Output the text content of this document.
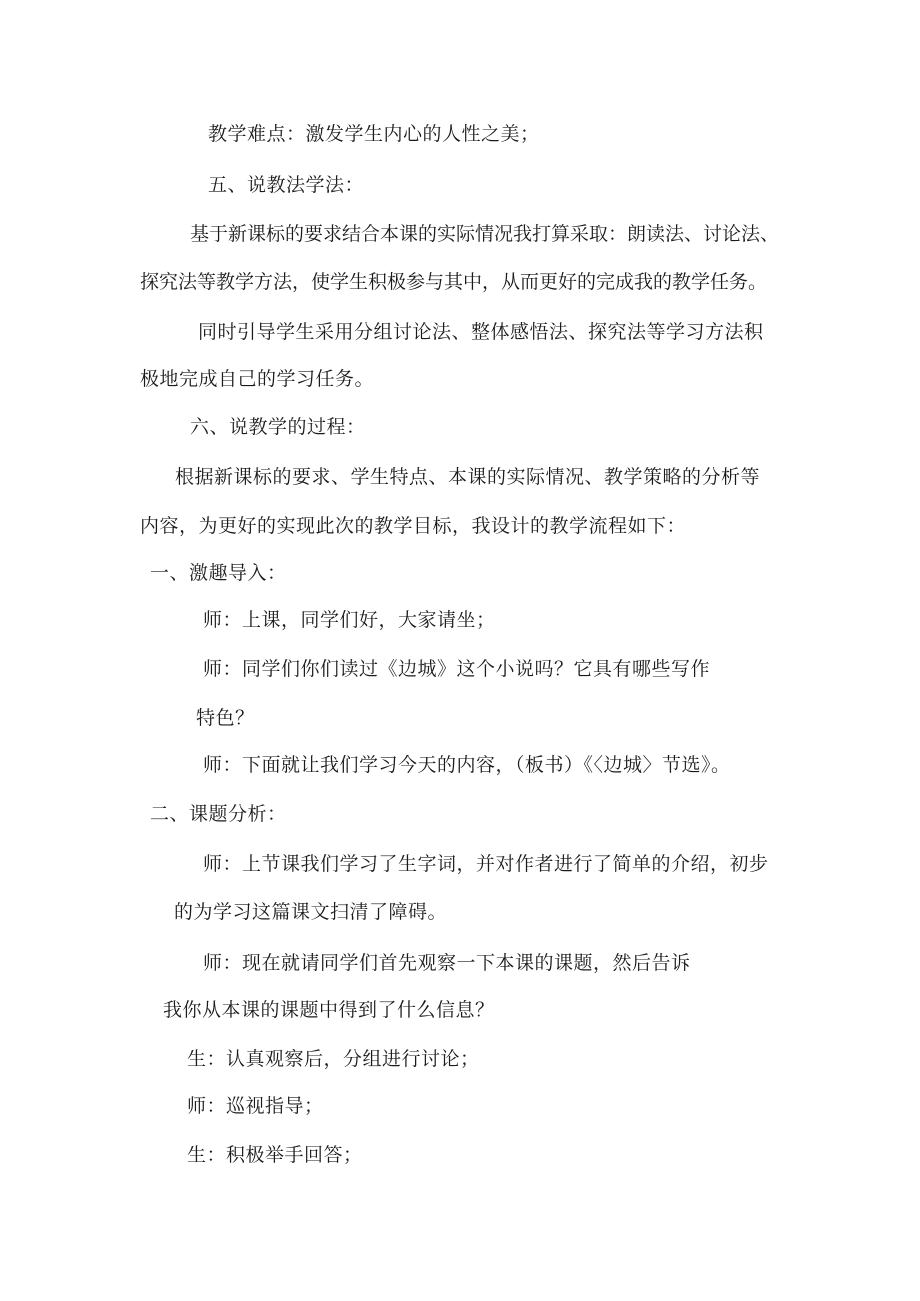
教学难点：激发学生内心的人性之美；
五、说教法学法：
基于新课标的要求结合本课的实际情况我打算采取：朗读法、讨论法、
探究法等教学方法，使学生积极参与其中，从而更好的完成我的教学任务。
同时引导学生采用分组讨论法、整体感悟法、探究法等学习方法积
极地完成自己的学习任务。
六、说教学的过程：
根据新课标的要求、学生特点、本课的实际情况、教学策略的分析等
内容，为更好的实现此次的教学目标，我设计的教学流程如下：
一、激趣导入：
师：上课，同学们好，大家请坐；
师：同学们你们读过《边城》这个小说吗？它具有哪些写作
特色？
师：下面就让我们学习今天的内容，（板书）《〈边城〉节选》。
二、课题分析：
师：上节课我们学习了生字词，并对作者进行了简单的介绍，初步
的为学习这篇课文扫清了障碍。
师：现在就请同学们首先观察一下本课的课题，然后告诉
我你从本课的课题中得到了什么信息？
生：认真观察后，分组进行讨论；
师：巡视指导；
生：积极举手回答；
